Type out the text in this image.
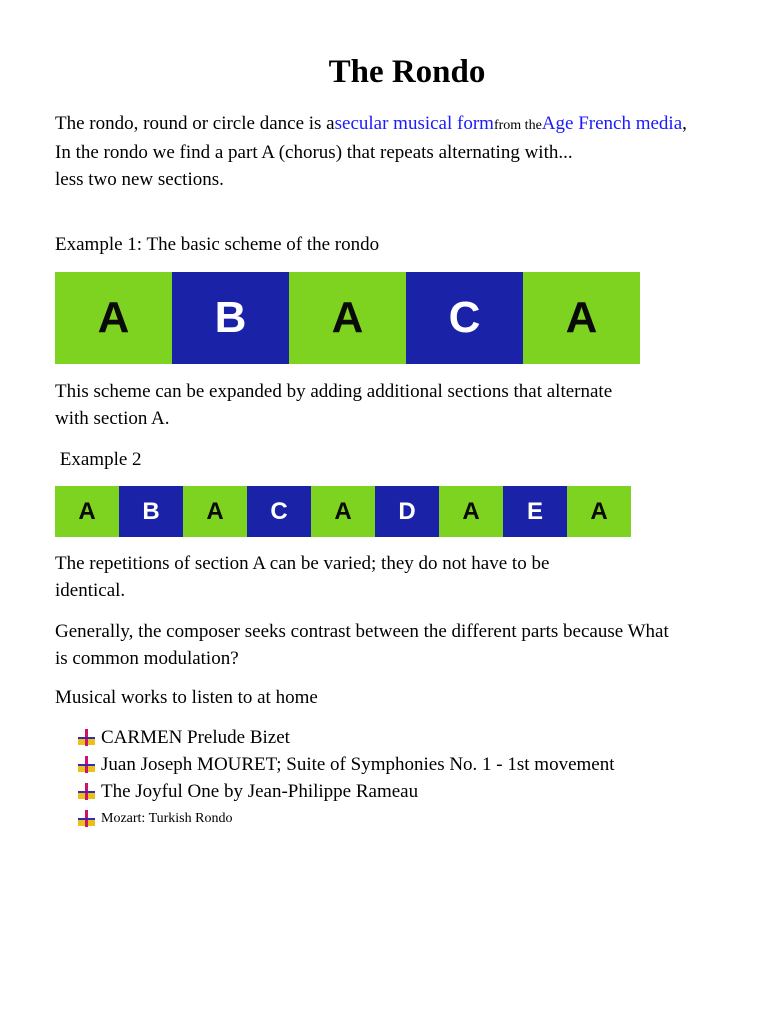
The Rondo

The rondo, round or circle dance is asecular musical formfrom theAge French media,
In the rondo we find a part A (chorus) that repeats alternating with...
less two new sections.

Example 1: The basic scheme of the rondo

A	B	A	C	A

This scheme can be expanded by adding additional sections that alternate with section A.

Example 2

A	B	A	C	A	D	A	E	A

The repetitions of section A can be varied; they do not have to be identical.

Generally, the composer seeks contrast between the different parts because What is common modulation?

Musical works to listen to at home

CARMEN Prelude Bizet
Juan Joseph MOURET; Suite of Symphonies No. 1 - 1st movement
The Joyful One by Jean-Philippe Rameau
Mozart: Turkish Rondo
